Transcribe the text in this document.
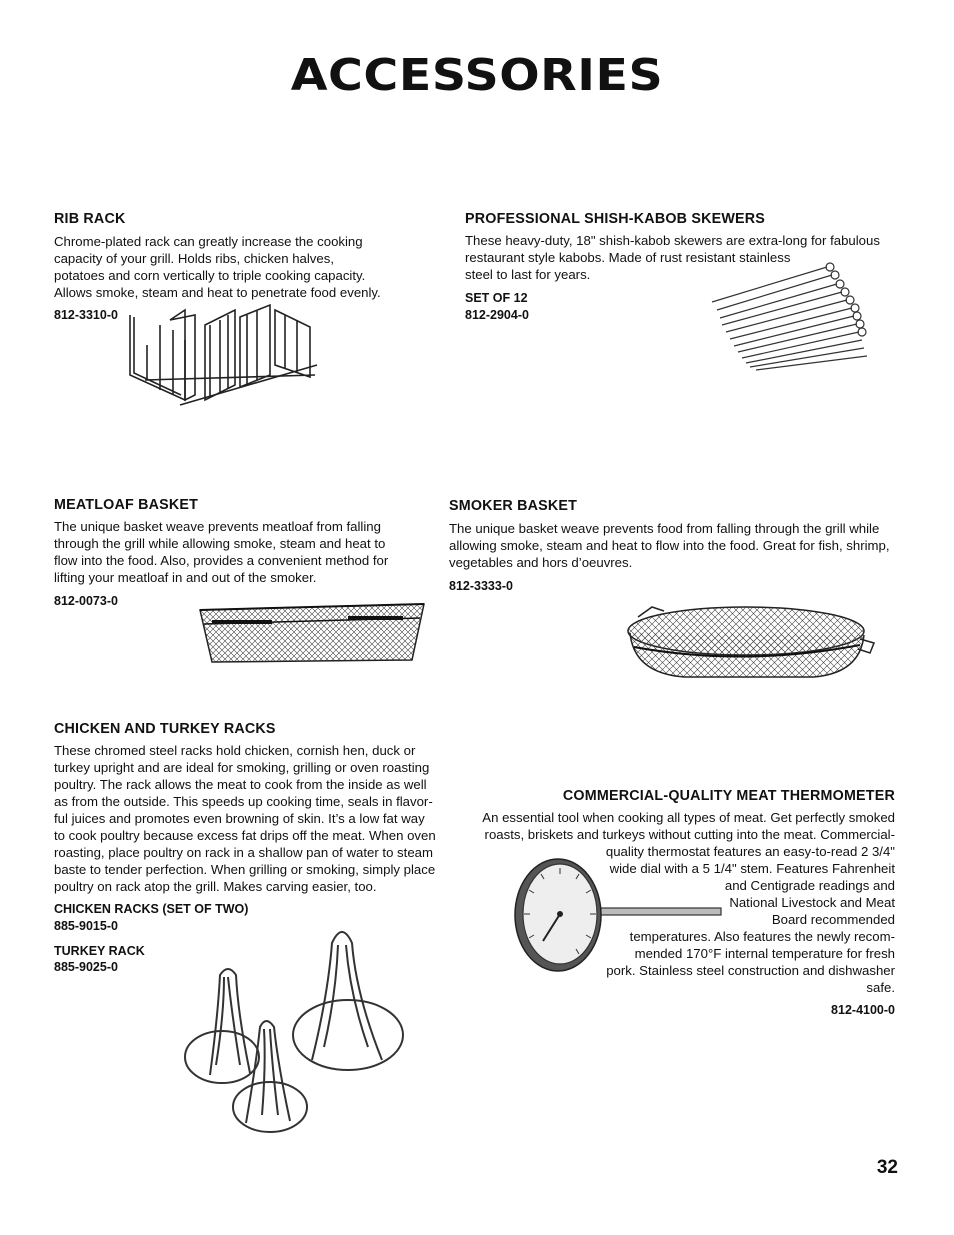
ACCESSORIES
RIB RACK
Chrome-plated rack can greatly increase the cooking
capacity of your grill. Holds ribs, chicken halves,
potatoes and corn vertically to triple cooking capacity.
Allows smoke, steam and heat to penetrate food evenly.
812-3310-0
PROFESSIONAL SHISH-KABOB SKEWERS
These heavy-duty, 18" shish-kabob skewers are extra-long for fabulous
restaurant style kabobs. Made of rust resistant stainless
steel to last for years.
SET OF 12
812-2904-0
MEATLOAF BASKET
The unique basket weave prevents meatloaf from falling
through the grill while allowing smoke, steam and heat to
flow into the food. Also, provides a convenient method for
lifting your meatloaf in and out of the smoker.
812-0073-0
SMOKER BASKET
The unique basket weave prevents food from falling through the grill while
allowing smoke, steam and heat to flow into the food. Great for fish, shrimp,
vegetables and hors d’oeuvres.
812-3333-0
CHICKEN AND TURKEY RACKS
These chromed steel racks hold chicken, cornish hen, duck or
turkey upright and are ideal for smoking, grilling or oven roasting
poultry. The rack allows the meat to cook from the inside as well
as from the outside. This speeds up cooking time, seals in flavor-
ful juices and promotes even browning of skin. It’s a low fat way
to cook poultry because excess fat drips off the meat. When oven
roasting, place poultry on rack in a shallow pan of water to steam
baste to tender perfection. When grilling or smoking, simply place
poultry on rack atop the grill. Makes carving easier, too.
CHICKEN RACKS (SET OF TWO)
885-9015-0
TURKEY RACK
885-9025-0
COMMERCIAL-QUALITY MEAT THERMOMETER
An essential tool when cooking all types of meat. Get perfectly smoked
roasts, briskets and turkeys without cutting into the meat. Commercial-
quality thermostat features an easy-to-read 2 3/4"
wide dial with a 5 1/4" stem. Features Fahrenheit
and Centigrade readings and
National Livestock and Meat
Board recommended
temperatures. Also features the newly recom-
mended 170°F internal temperature for fresh
pork. Stainless steel construction and dishwasher
safe.
812-4100-0
32
